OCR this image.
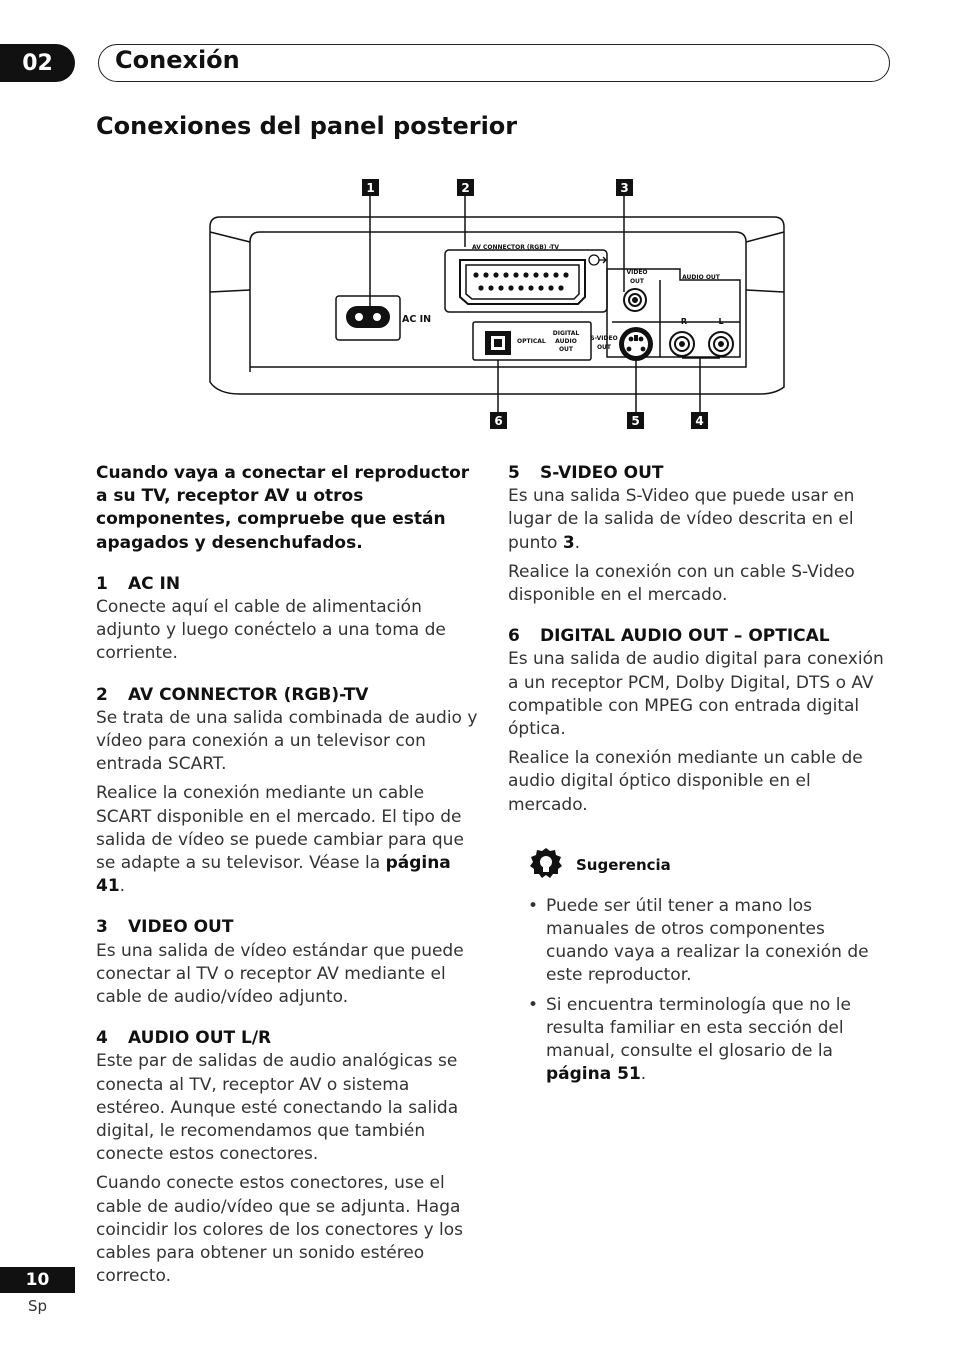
02	Conexión
Conexiones del panel posterior
1	2	3
4
5
6
AV CONNECTOR (RGB) -TV
VIDEO
OUT
AUDIO OUT
AC IN
OPTICAL
DIGITAL
AUDIO
OUT
S-VIDEO
OUT
R	L

Cuando vaya a conectar el reproductor a su TV, receptor AV u otros componentes, compruebe que están apagados y desenchufados.

1 AC IN

Conecte aquí el cable de alimentación adjunto y luego conéctelo a una toma de corriente.

2 AV CONNECTOR (RGB)-TV

Se trata de una salida combinada de audio y vídeo para conexión a un televisor con entrada SCART.

Realice la conexión mediante un cable SCART disponible en el mercado. El tipo de salida de vídeo se puede cambiar para que se adapte a su televisor. Véase la página 41.

3 VIDEO OUT

Es una salida de vídeo estándar que puede conectar al TV o receptor AV mediante el cable de audio/vídeo adjunto.

4 AUDIO OUT L/R

Este par de salidas de audio analógicas se conecta al TV, receptor AV o sistema estéreo. Aunque esté conectando la salida digital, le recomendamos que también conecte estos conectores.

Cuando conecte estos conectores, use el cable de audio/vídeo que se adjunta. Haga coincidir los colores de los conectores y los cables para obtener un sonido estéreo correcto.

5 S-VIDEO OUT

Es una salida S-Video que puede usar en lugar de la salida de vídeo descrita en el punto 3.

Realice la conexión con un cable S-Video disponible en el mercado.

6 DIGITAL AUDIO OUT – OPTICAL

Es una salida de audio digital para conexión a un receptor PCM, Dolby Digital, DTS o AV compatible con MPEG con entrada digital óptica.

Realice la conexión mediante un cable de audio digital óptico disponible en el mercado.

Sugerencia
• Puede ser útil tener a mano los manuales de otros componentes cuando vaya a realizar la conexión de este reproductor.
• Si encuentra terminología que no le resulta familiar en esta sección del manual, consulte el glosario de la página 51.
10
Sp
